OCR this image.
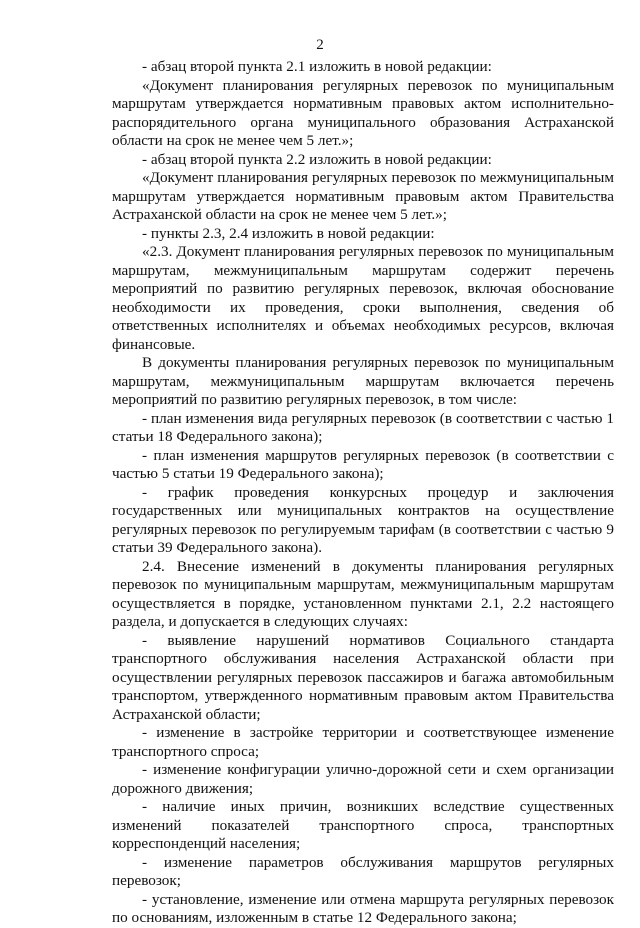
2

- абзац второй пункта 2.1 изложить в новой редакции:

«Документ планирования регулярных перевозок по муниципальным маршрутам утверждается нормативным правовых актом исполнительно-распорядительного органа муниципального образования Астраханской области на срок не менее чем 5 лет.»;

- абзац второй пункта 2.2 изложить в новой редакции:

«Документ планирования регулярных перевозок по межмуниципальным маршрутам утверждается нормативным правовым актом Правительства Астраханской области на срок не менее чем 5 лет.»;

- пункты 2.3, 2.4 изложить в новой редакции:

«2.3. Документ планирования регулярных перевозок по муниципальным маршрутам, межмуниципальным маршрутам содержит перечень мероприятий по развитию регулярных перевозок, включая обоснование необходимости их проведения, сроки выполнения, сведения об ответственных исполнителях и объемах необходимых ресурсов, включая финансовые.

В документы планирования регулярных перевозок по муниципальным маршрутам, межмуниципальным маршрутам включается перечень мероприятий по развитию регулярных перевозок, в том числе:

- план изменения вида регулярных перевозок (в соответствии с частью 1 статьи 18 Федерального закона);

- план изменения маршрутов регулярных перевозок (в соответствии с частью 5 статьи 19 Федерального закона);

- график проведения конкурсных процедур и заключения государственных или муниципальных контрактов на осуществление регулярных перевозок по регулируемым тарифам (в соответствии с частью 9 статьи 39 Федерального закона).

2.4. Внесение изменений в документы планирования регулярных перевозок по муниципальным маршрутам, межмуниципальным маршрутам осуществляется в порядке, установленном пунктами 2.1, 2.2 настоящего раздела, и допускается в следующих случаях:

- выявление нарушений нормативов Социального стандарта транспортного обслуживания населения Астраханской области при осуществлении регулярных перевозок пассажиров и багажа автомобильным транспортом, утвержденного нормативным правовым актом Правительства Астраханской области;

- изменение в застройке территории и соответствующее изменение транспортного спроса;

- изменение конфигурации улично-дорожной сети и схем организации дорожного движения;

- наличие иных причин, возникших вследствие существенных изменений показателей транспортного спроса, транспортных корреспонденций населения;

- изменение параметров обслуживания маршрутов регулярных перевозок;

- установление, изменение или отмена маршрута регулярных перевозок по основаниям, изложенным в статье 12 Федерального закона;
